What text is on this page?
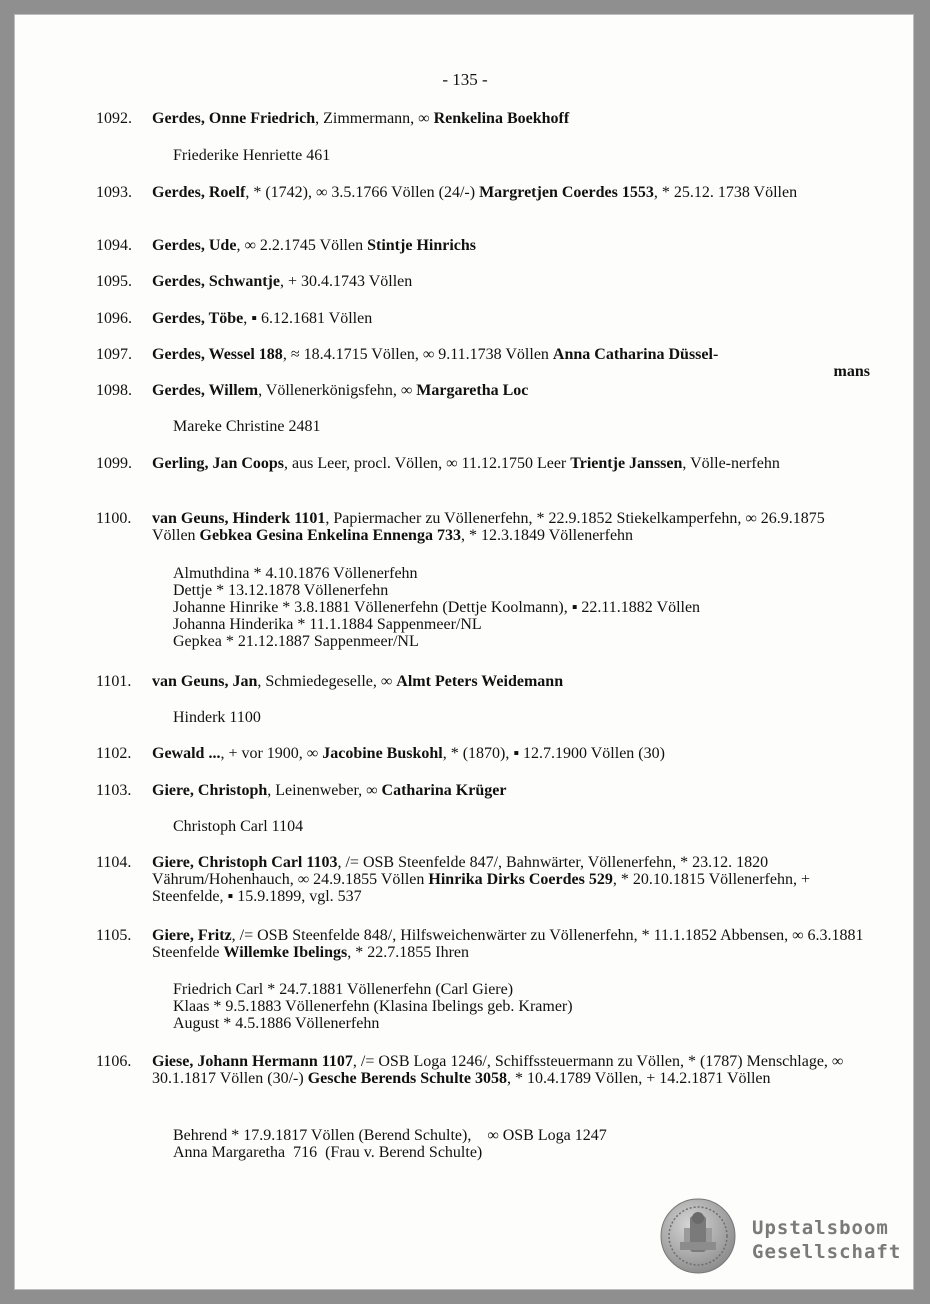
- 135 -
1092. Gerdes, Onne Friedrich, Zimmermann, ∞ Renkelina Boekhoff
Friederike Henriette 461
1093. Gerdes, Roelf, * (1742), ∞ 3.5.1766 Völlen (24/-) Margretjen Coerdes 1553, * 25.12. 1738 Völlen
1094. Gerdes, Ude, ∞ 2.2.1745 Völlen Stintje Hinrichs
1095. Gerdes, Schwantje, + 30.4.1743 Völlen
1096. Gerdes, Töbe, ▪ 6.12.1681 Völlen
1097. Gerdes, Wessel 188, ≈ 18.4.1715 Völlen, ∞ 9.11.1738 Völlen Anna Catharina Düssel-
mans
1098. Gerdes, Willem, Völlenerkönigsfehn, ∞ Margaretha Loc
Mareke Christine 2481
1099. Gerling, Jan Coops, aus Leer, procl. Völlen, ∞ 11.12.1750 Leer Trientje Janssen, Völle-nerfehn
1100. van Geuns, Hinderk 1101, Papiermacher zu Völlenerfehn, * 22.9.1852 Stiekelkamperfehn, ∞ 26.9.1875 Völlen Gebkea Gesina Enkelina Ennenga 733, * 12.3.1849 Völlenerfehn
Almuthdina * 4.10.1876 Völlenerfehn
Dettje * 13.12.1878 Völlenerfehn
Johanne Hinrike * 3.8.1881 Völlenerfehn (Dettje Koolmann), ▪ 22.11.1882 Völlen
Johanna Hinderika * 11.1.1884 Sappenmeer/NL
Gepkea * 21.12.1887 Sappenmeer/NL
1101. van Geuns, Jan, Schmiedegeselle, ∞ Almt Peters Weidemann
Hinderk 1100
1102. Gewald ..., + vor 1900, ∞ Jacobine Buskohl, * (1870), ▪ 12.7.1900 Völlen (30)
1103. Giere, Christoph, Leinenweber, ∞ Catharina Krüger
Christoph Carl 1104
1104. Giere, Christoph Carl 1103, /= OSB Steenfelde 847/, Bahnwärter, Völlenerfehn, * 23.12. 1820 Vährum/Hohenhauch, ∞ 24.9.1855 Völlen Hinrika Dirks Coerdes 529, * 20.10.1815 Völlenerfehn, + Steenfelde, ▪ 15.9.1899, vgl. 537
1105. Giere, Fritz, /= OSB Steenfelde 848/, Hilfsweichenwärter zu Völlenerfehn, * 11.1.1852 Abbensen, ∞ 6.3.1881 Steenfelde Willemke Ibelings, * 22.7.1855 Ihren
Friedrich Carl * 24.7.1881 Völlenerfehn (Carl Giere)
Klaas * 9.5.1883 Völlenerfehn (Klasina Ibelings geb. Kramer)
August * 4.5.1886 Völlenerfehn
1106. Giese, Johann Hermann 1107, /= OSB Loga 1246/, Schiffssteuermann zu Völlen, * (1787) Menschlage, ∞ 30.1.1817 Völlen (30/-) Gesche Berends Schulte 3058, * 10.4.1789 Völlen, + 14.2.1871 Völlen
Behrend * 17.9.1817 Völlen (Berend Schulte),    ∞ OSB Loga 1247
Anna Margaretha  716  (Frau v. Berend Schulte)
Upstalsboom
Gesellschaft
